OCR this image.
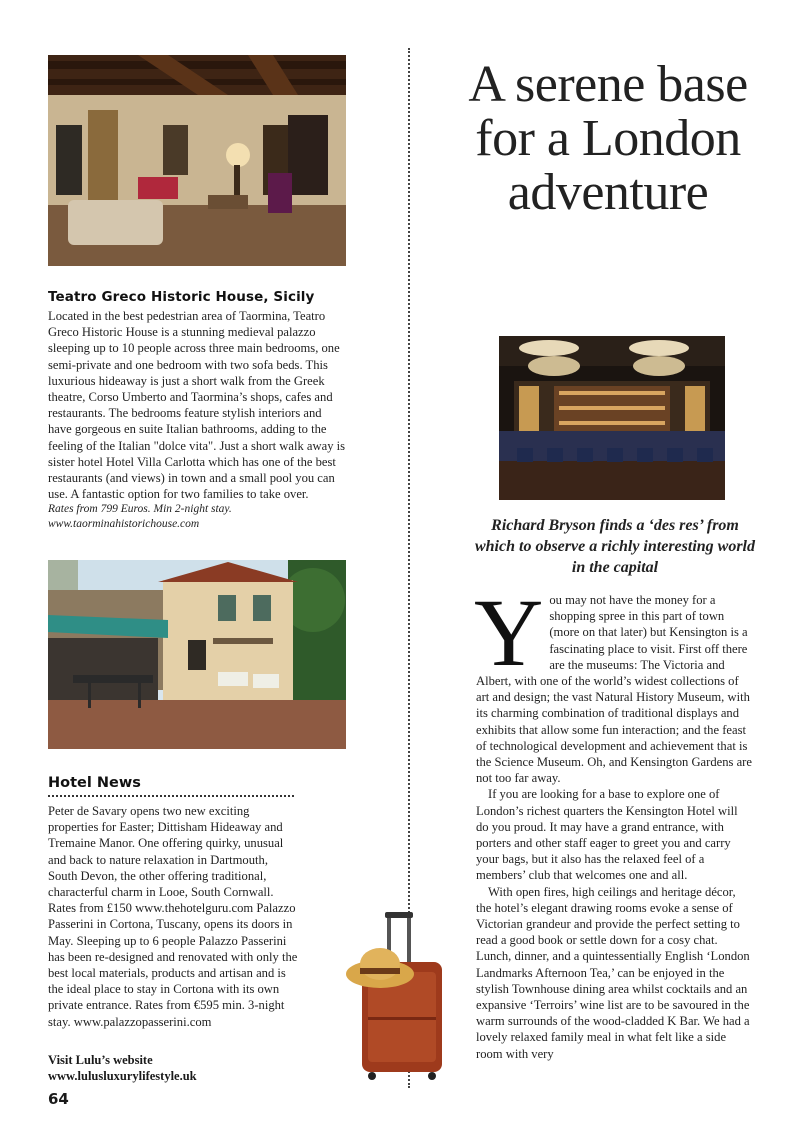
Teatro Greco Historic House, Sicily

Located in the best pedestrian area of Taormina, Teatro Greco Historic House is a stunning medieval palazzo sleeping up to 10 people across three main bedrooms, one semi-private and one bedroom with two sofa beds. This luxurious hideaway is just a short walk from the Greek theatre, Corso Umberto and Taormina’s shops, cafes and restaurants. The bedrooms feature stylish interiors and have gorgeous en suite Italian bathrooms, adding to the feeling of the Italian "dolce vita". Just a short walk away is sister hotel Hotel Villa Carlotta which has one of the best restaurants (and views) in town and a small pool you can use. A fantastic option for two families to take over.

Rates from 799 Euros. Min 2-night stay.

www.taorminahistorichouse.com

Hotel News

Peter de Savary opens two new exciting properties for Easter; Dittisham Hideaway and Tremaine Manor. One offering quirky, unusual and back to nature relaxation in Dartmouth, South Devon, the other offering traditional, characterful charm in Looe, South Cornwall. Rates from £150 www.thehotelguru.com Palazzo Passerini in Cortona, Tuscany, opens its doors in May. Sleeping up to 6 people Palazzo Passerini has been re-designed and renovated with only the best local materials, products and artisan and is the ideal place to stay in Cortona with its own private entrance. Rates from €595 min. 3-night stay. www.palazzopasserini.com

Visit Lulu’s website
www.lulusluxurylifestyle.uk
64
A serene base for a London adventure
Richard Bryson finds a ‘des res’ from which to observe a richly interesting world in the capital
Y ou may not have the money for a shopping spree in this part of town (more on that later) but Kensington is a fascinating place to visit. First off there are the museums: The Victoria and Albert, with one of the world’s widest collections of art and design; the vast Natural History Museum, with its charming combination of traditional displays and exhibits that allow some fun interaction; and the feast of technological development and achievement that is the Science Museum. Oh, and Kensington Gardens are not too far away.

If you are looking for a base to explore one of London’s richest quarters the Kensington Hotel will do you proud. It may have a grand entrance, with porters and other staff eager to greet you and carry your bags, but it also has the relaxed feel of a members’ club that welcomes one and all.

With open fires, high ceilings and heritage décor, the hotel’s elegant drawing rooms evoke a sense of Victorian grandeur and provide the perfect setting to read a good book or settle down for a cosy chat. Lunch, dinner, and a quintessentially English ‘London Landmarks Afternoon Tea,’ can be enjoyed in the stylish Townhouse dining area whilst cocktails and an expansive ‘Terroirs’ wine list are to be savoured in the warm surrounds of the wood-cladded K Bar. We had a lovely relaxed family meal in what felt like a side room with very
